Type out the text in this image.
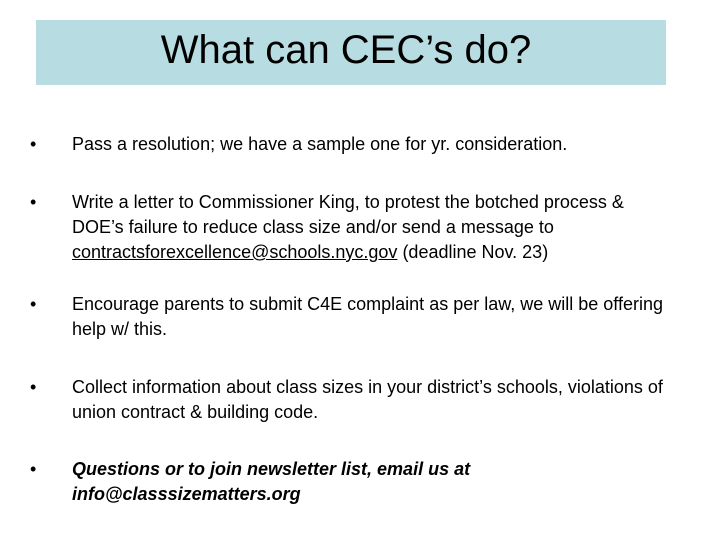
What can CEC’s do?
• Pass a resolution; we have a sample one for yr. consideration.
• Write a letter to Commissioner King, to protest the botched process & DOE’s failure to reduce class size and/or send a message to contractsforexcellence@schools.nyc.gov (deadline Nov. 23)
• Encourage parents to submit C4E complaint as per law, we will be offering help w/ this.
• Collect information about class sizes in your district’s schools, violations of union contract & building code.
• Questions or to join newsletter list, email us at info@classsizematters.org
